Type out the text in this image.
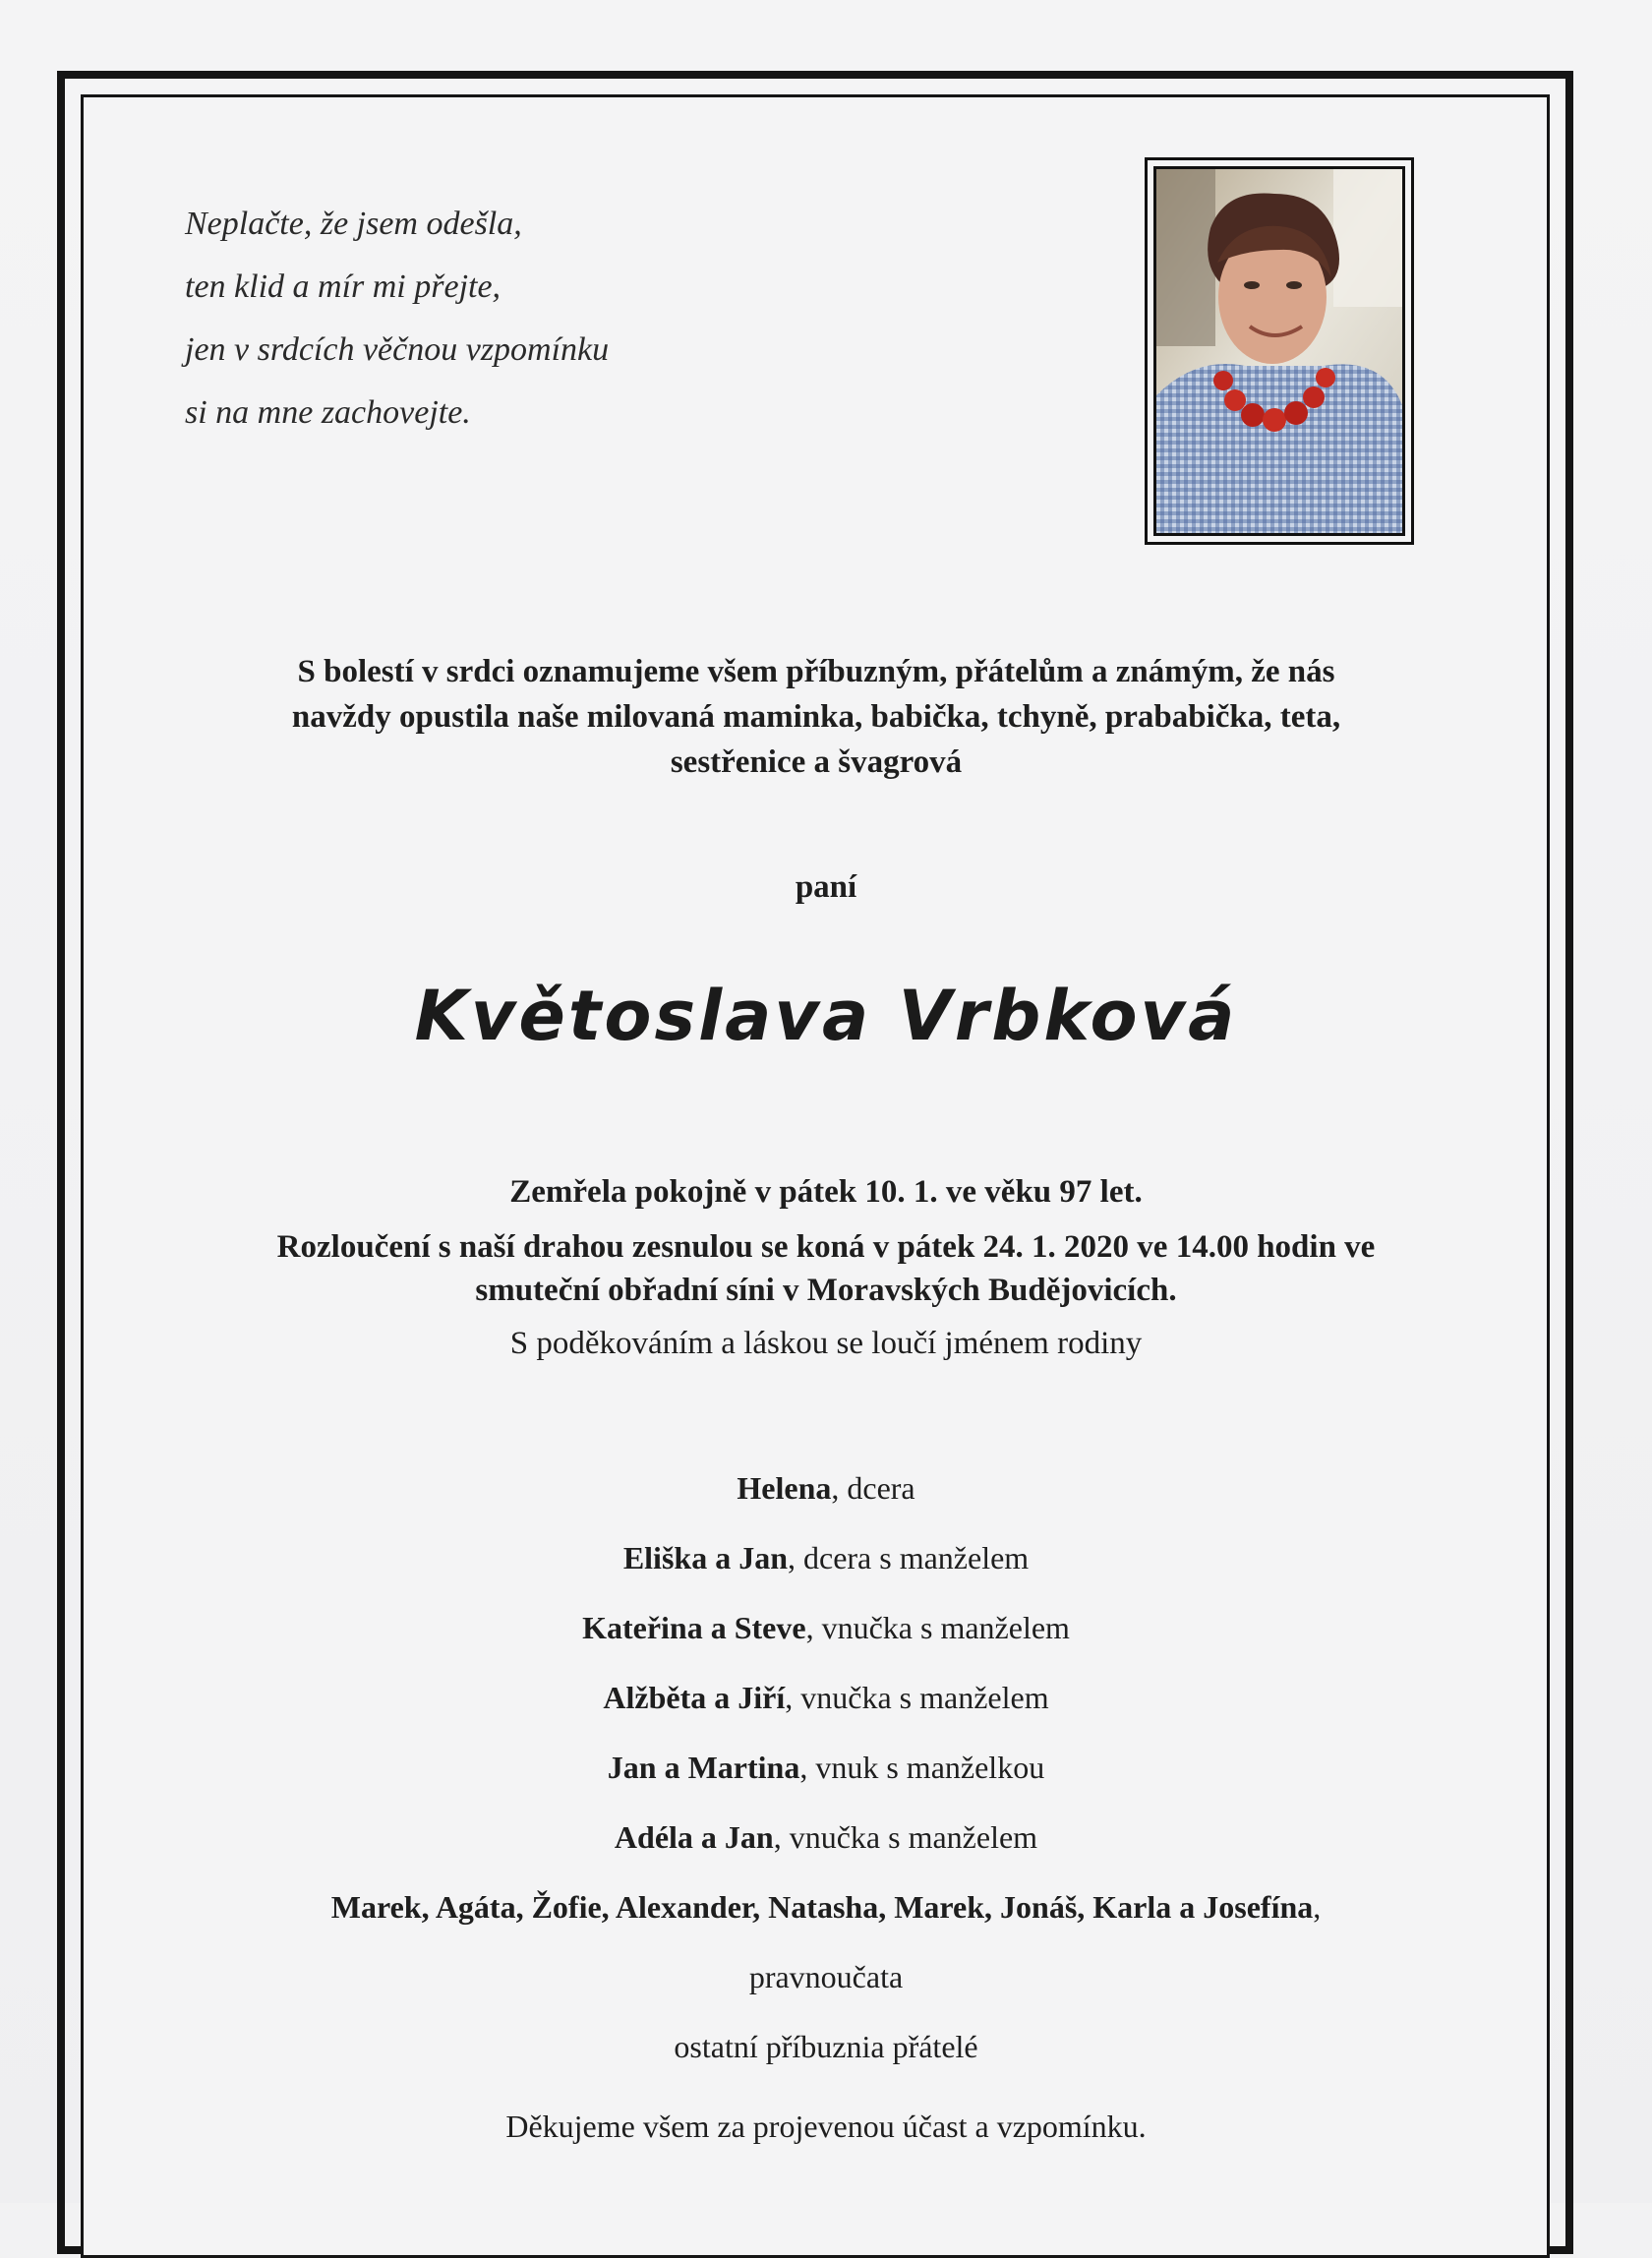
Neplačte, že jsem odešla,
ten klid a mír mi přejte,
jen v srdcích věčnou vzpomínku
si na mne zachovejte.
S bolestí v srdci oznamujeme všem příbuzným, přátelům a známým, že nás
navždy opustila naše milovaná maminka, babička, tchyně, prababička, teta,
sestřenice a švagrová
paní
Květoslava Vrbková
Zemřela pokojně v pátek 10. 1. ve věku 97 let.
Rozloučení s naší drahou zesnulou se koná v pátek 24. 1. 2020 ve 14.00 hodin ve
smuteční obřadní síni v Moravských Budějovicích.
S poděkováním a láskou se loučí jménem rodiny
Helena, dcera
Eliška a Jan, dcera s manželem
Kateřina a Steve, vnučka s manželem
Alžběta a Jiří, vnučka s manželem
Jan a Martina, vnuk s manželkou
Adéla a Jan, vnučka s manželem
Marek, Agáta, Žofie, Alexander, Natasha, Marek, Jonáš, Karla a Josefína,
pravnoučata
ostatní příbuzniа přátelé
Děkujeme všem za projevenou účast a vzpomínku.
